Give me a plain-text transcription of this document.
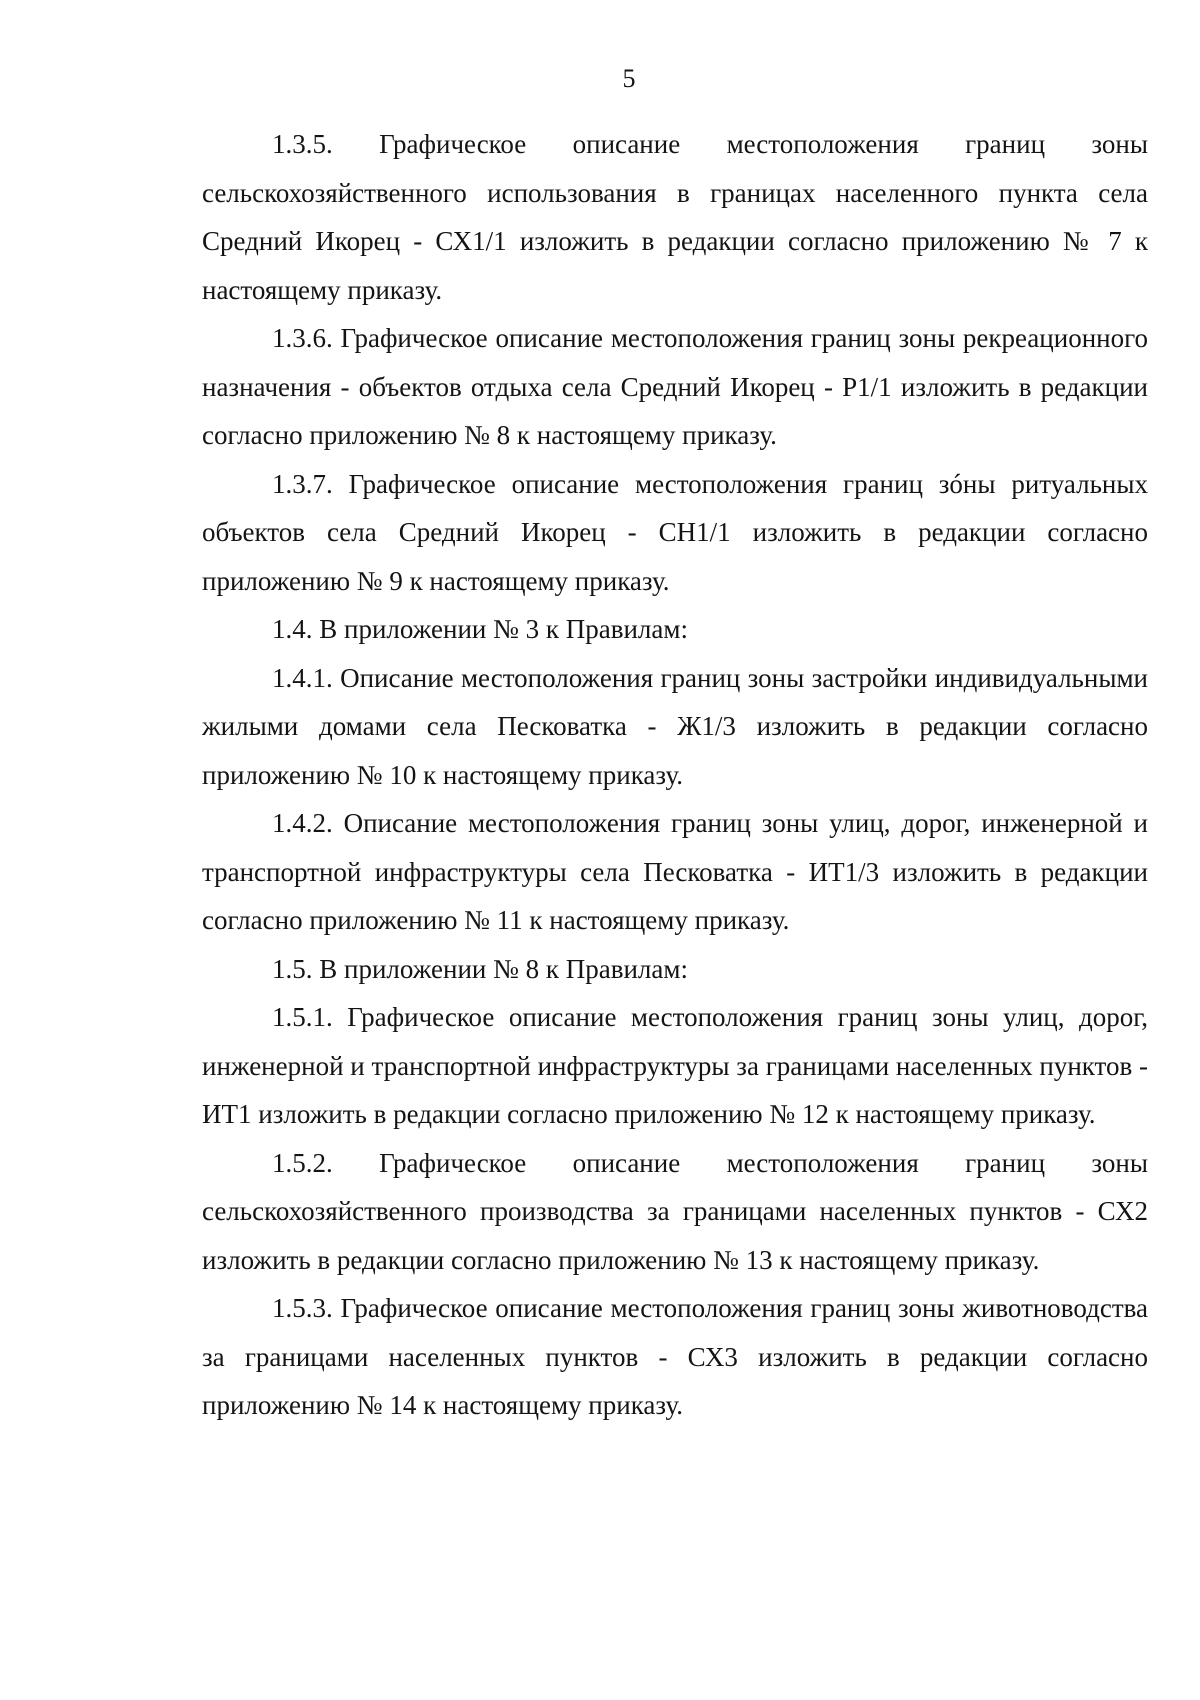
5

1.3.5. Графическое описание местоположения границ зоны сельскохозяйственного использования в границах населенного пункта села Средний Икорец - СХ1/1 изложить в редакции согласно приложению № 7 к настоящему приказу.

1.3.6. Графическое описание местоположения границ зоны рекреационного назначения - объектов отдыха села Средний Икорец - Р1/1 изложить в редакции согласно приложению № 8 к настоящему приказу.

1.3.7. Графическое описание местоположения границ зóны ритуальных объектов села Средний Икорец - СН1/1 изложить в редакции согласно приложению № 9 к настоящему приказу.

1.4. В приложении № 3 к Правилам:

1.4.1. Описание местоположения границ зоны застройки индивидуальными жилыми домами села Песковатка - Ж1/3 изложить в редакции согласно приложению № 10 к настоящему приказу.

1.4.2. Описание местоположения границ зоны улиц, дорог, инженерной и транспортной инфраструктуры села Песковатка - ИТ1/3 изложить в редакции согласно приложению № 11 к настоящему приказу.

1.5. В приложении № 8 к Правилам:

1.5.1. Графическое описание местоположения границ зоны улиц, дорог, инженерной и транспортной инфраструктуры за границами населенных пунктов - ИТ1 изложить в редакции согласно приложению № 12 к настоящему приказу.

1.5.2. Графическое описание местоположения границ зоны сельскохозяйственного производства за границами населенных пунктов - СХ2 изложить в редакции согласно приложению № 13 к настоящему приказу.

1.5.3. Графическое описание местоположения границ зоны животноводства за границами населенных пунктов - СХ3 изложить в редакции согласно приложению № 14 к настоящему приказу.
